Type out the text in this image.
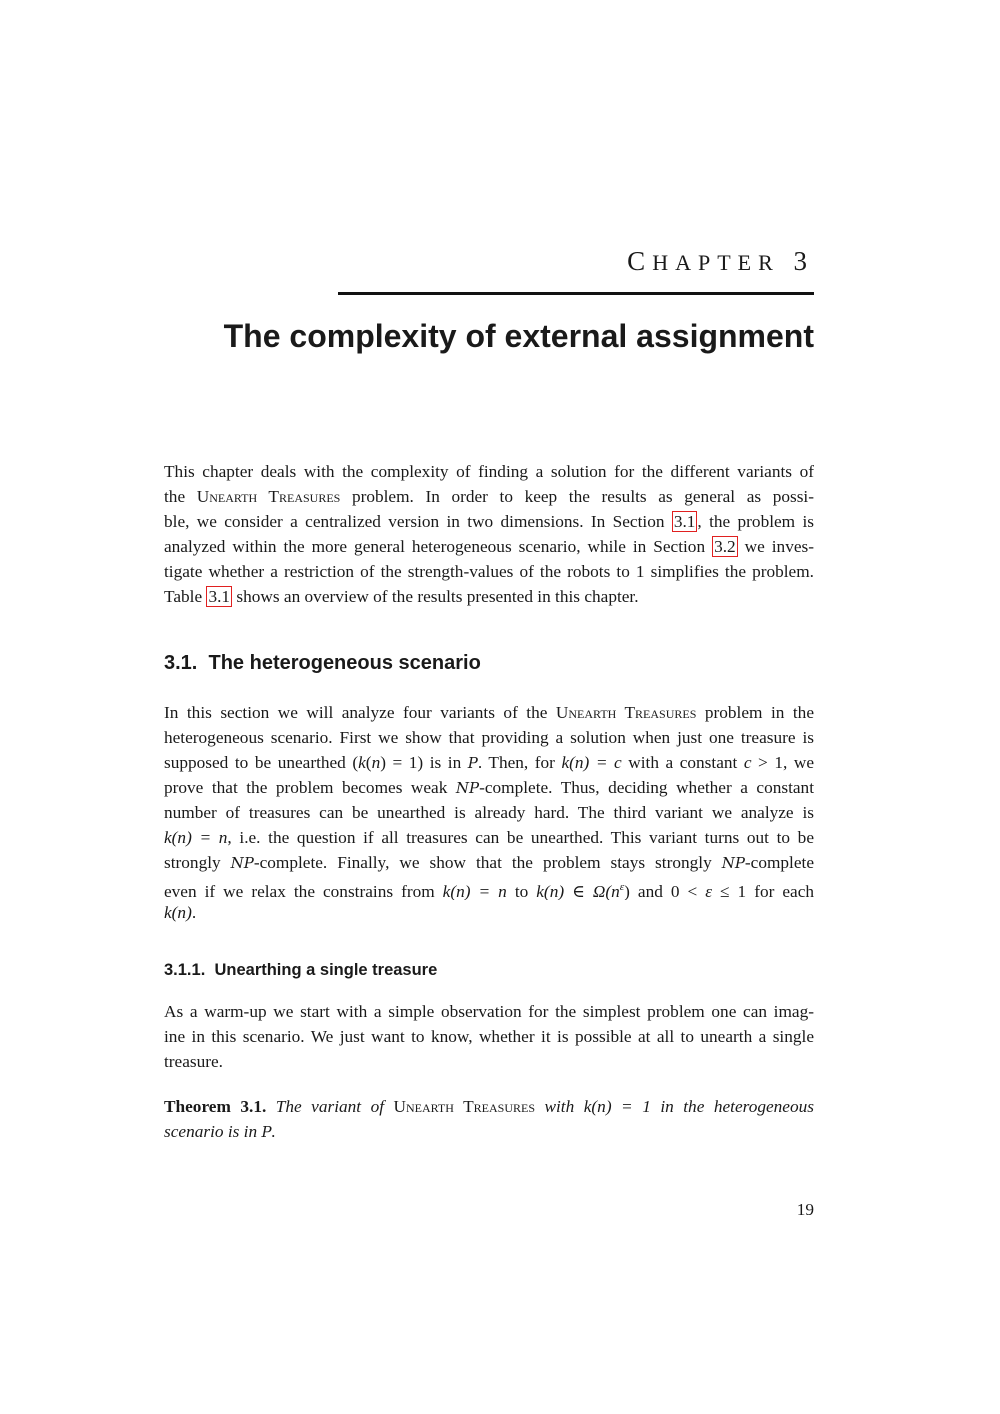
CHAPTER 3
The complexity of external assignment
This chapter deals with the complexity of finding a solution for the different variants of
the Unearth Treasures problem. In order to keep the results as general as possi-
ble, we consider a centralized version in two dimensions. In Section 3.1 , the problem is
analyzed within the more general heterogeneous scenario, while in Section 3.2 we inves-
tigate whether a restriction of the strength-values of the robots to 1 simplifies the problem.
Table 3.1 shows an overview of the results presented in this chapter.
3.1. The heterogeneous scenario
In this section we will analyze four variants of the Unearth Treasures problem in the
heterogeneous scenario. First we show that providing a solution when just one treasure is
supposed to be unearthed (k(n) = 1) is in P. Then, for k(n) = c with a constant c > 1, we
prove that the problem becomes weak NP-complete. Thus, deciding whether a constant
number of treasures can be unearthed is already hard. The third variant we analyze is
k(n) = n, i.e. the question if all treasures can be unearthed. This variant turns out to be
strongly NP-complete. Finally, we show that the problem stays strongly NP-complete
even if we relax the constrains from k(n) = n to k(n) ∈ $\Omega(n^\varepsilon)$ and 0 < ε ≤ 1 for each
k(n).
3.1.1. Unearthing a single treasure
As a warm-up we start with a simple observation for the simplest problem one can imag-
ine in this scenario. We just want to know, whether it is possible at all to unearth a single
treasure.
Theorem 3.1. The variant of Unearth Treasures with k(n) = 1 in the heterogeneous
scenario is in P.
19
